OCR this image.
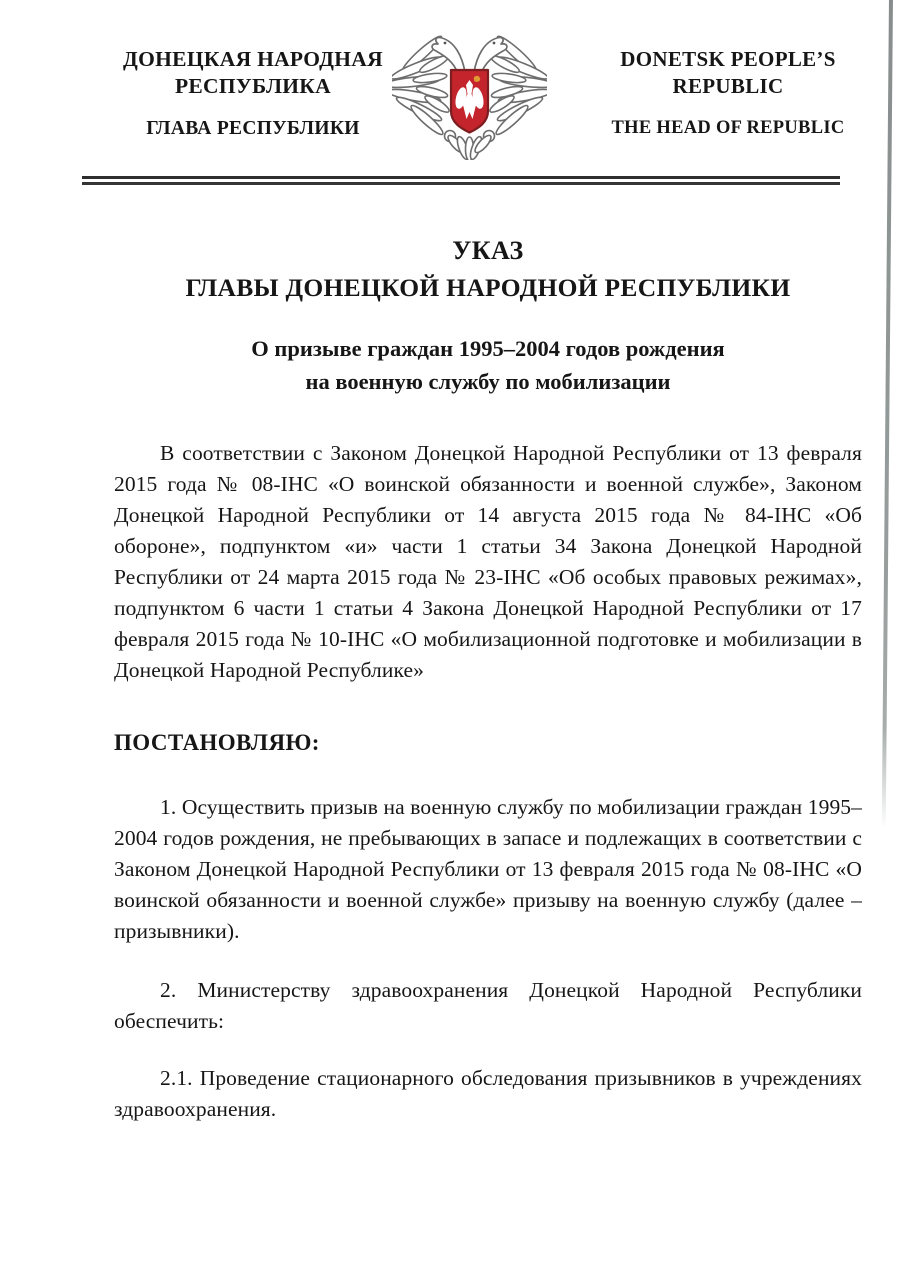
ДОНЕЦКАЯ НАРОДНАЯ
РЕСПУБЛИКА
ГЛАВА РЕСПУБЛИКИ
DONETSK PEOPLE’S
REPUBLIC
THE HEAD OF REPUBLIC
УКАЗ
ГЛАВЫ ДОНЕЦКОЙ НАРОДНОЙ РЕСПУБЛИКИ
О призыве граждан 1995–2004 годов рождения
на военную службу по мобилизации

В соответствии с Законом Донецкой Народной Республики от 13 февраля 2015 года № 08-ІНС «О воинской обязанности и военной службе», Законом Донецкой Народной Республики от 14 августа 2015 года № 84-ІНС «Об обороне», подпунктом «и» части 1 статьи 34 Закона Донецкой Народной Республики от 24 марта 2015 года № 23-ІНС «Об особых правовых режимах», подпунктом 6 части 1 статьи 4 Закона Донецкой Народной Республики от 17 февраля 2015 года № 10-ІНС «О мобилизационной подготовке и мобилизации в Донецкой Народной Республике»

ПОСТАНОВЛЯЮ:

1. Осуществить призыв на военную службу по мобилизации граждан 1995–2004 годов рождения, не пребывающих в запасе и подлежащих в соответствии с Законом Донецкой Народной Республики от 13 февраля 2015 года № 08-ІНС «О воинской обязанности и военной службе» призыву на военную службу (далее – призывники).

2. Министерству здравоохранения Донецкой Народной Республики обеспечить:

2.1. Проведение стационарного обследования призывников в учреждениях здравоохранения.
